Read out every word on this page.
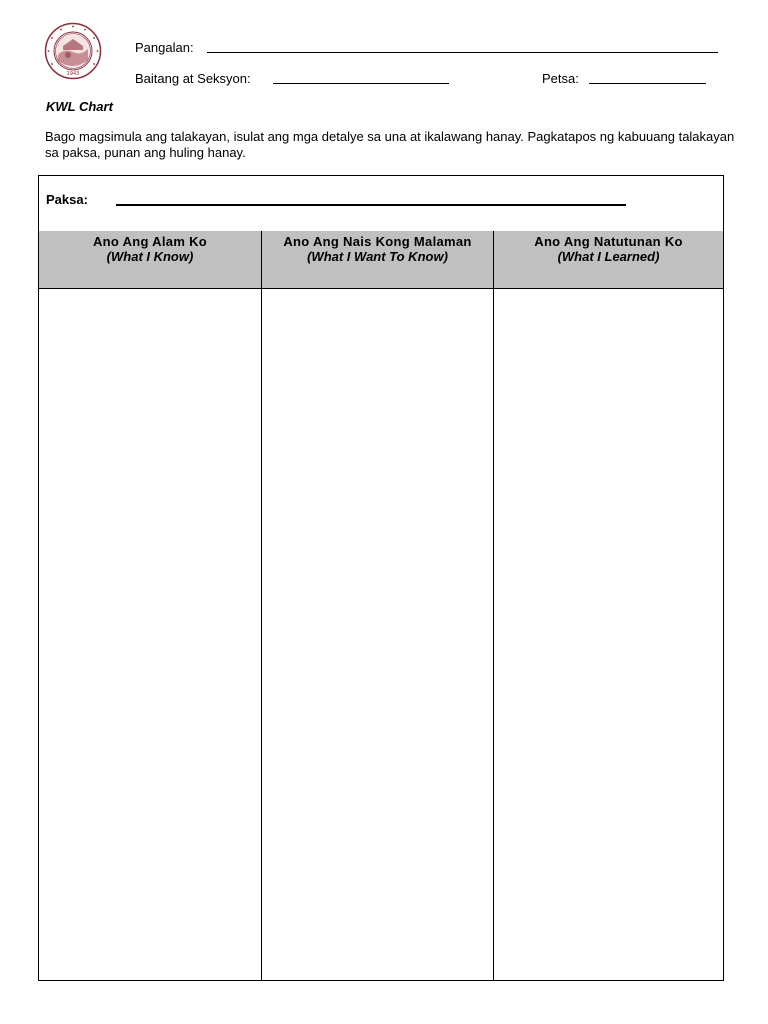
1943
Pangalan:
Baitang at Seksyon:	Petsa:
KWL Chart
Bago magsimula ang talakayan, isulat ang mga detalye sa una at ikalawang hanay. Pagkatapos ng kabuuang talakayan sa paksa, punan ang huling hanay.
Paksa:
Ano Ang Alam Ko
(What I Know)
Ano Ang Nais Kong Malaman
(What I Want To Know)
Ano Ang Natutunan Ko
(What I Learned)
